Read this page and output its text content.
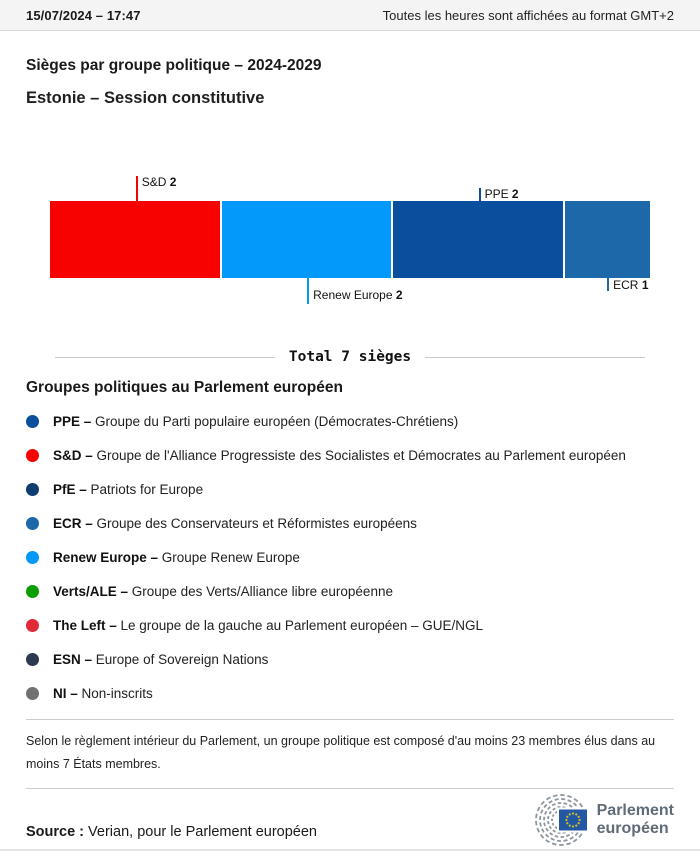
15/07/2024 – 17:47	Toutes les heures sont affichées au format GMT+2
Sièges par groupe politique – 2024-2029
Estonie – Session constitutive
S&D 2
Renew Europe 2
PPE 2
ECR 1
Total 7 sièges
Groupes politiques au Parlement européen
PPE – Groupe du Parti populaire européen (Démocrates-Chrétiens)
S&D – Groupe de l'Alliance Progressiste des Socialistes et Démocrates au Parlement européen
PfE – Patriots for Europe
ECR – Groupe des Conservateurs et Réformistes européens
Renew Europe – Groupe Renew Europe
Verts/ALE – Groupe des Verts/Alliance libre européenne
The Left – Le groupe de la gauche au Parlement européen – GUE/NGL
ESN – Europe of Sovereign Nations
NI – Non-inscrits

Selon le règlement intérieur du Parlement, un groupe politique est composé d'au moins 23 membres élus dans au moins 7 États membres.

Source : Verian, pour le Parlement européen

Parlement
européen
